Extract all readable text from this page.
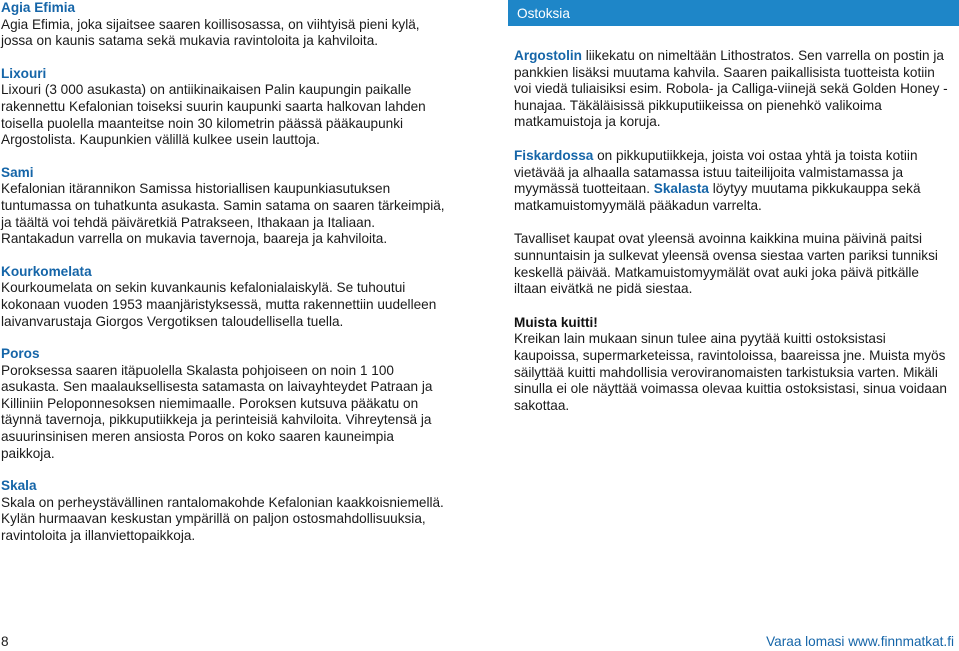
Agia Efimia
Agia Efimia, joka sijaitsee saaren koillisosassa, on viihtyisä pieni kylä, jossa on kaunis satama sekä mukavia ravintoloita ja kahviloita.
Lixouri
Lixouri (3 000 asukasta) on antiikinaikaisen Palin kaupungin paikalle rakennettu Kefalonian toiseksi suurin kaupunki saarta halkovan lahden toisella puolella maanteitse noin 30 kilometrin päässä pääkaupunki Argostolista. Kaupunkien välillä kulkee usein lauttoja.
Sami
Kefalonian itärannikon Samissa historiallisen kaupunkiasutuksen tuntumassa on tuhatkunta asukasta. Samin satama on saaren tärkeimpiä, ja täältä voi tehdä päiväretkiä Patrakseen, Ithakaan ja Italiaan. Rantakadun varrella on mukavia tavernoja, baareja ja kahviloita.
Kourkomelata
Kourkoumelata on sekin kuvankaunis kefalonialaiskylä. Se tuhoutui kokonaan vuoden 1953 maanjäristyksessä, mutta rakennettiin uudelleen laivanvarustaja Giorgos Vergotiksen taloudellisella tuella.
Poros
Poroksessa saaren itäpuolella Skalasta pohjoiseen on noin 1 100 asukasta. Sen maalauksellisesta satamasta on laivayhteydet Patraan ja Killiniin Peloponnesoksen niemimaalle. Poroksen kutsuva pääkatu on täynnä tavernoja, pikkuputiikkeja ja perinteisiä kahviloita. Vihreytensä ja asuurinsinisen meren ansiosta Poros on koko saaren kauneimpia paikkoja.
Skala
Skala on perheystävällinen rantalomakohde Kefalonian kaakkoisniemellä. Kylän hurmaavan keskustan ympärillä on paljon ostosmahdollisuuksia, ravintoloita ja illanviettopaikkoja.
Ostoksia

Argostolin liikekatu on nimeltään Lithostratos. Sen varrella on postin ja pankkien lisäksi muutama kahvila. Saaren paikallisista tuotteista kotiin voi viedä tuliaisiksi esim. Robola- ja Calliga-viinejä sekä Golden Honey -hunajaa. Täkäläisissä pikkuputiikeissa on pienehkö valikoima matkamuistoja ja koruja.

Fiskardossa on pikkuputiikkeja, joista voi ostaa yhtä ja toista kotiin vietävää ja alhaalla satamassa istuu taiteilijoita valmistamassa ja myymässä tuotteitaan. Skalasta löytyy muutama pikkukauppa sekä matkamuistomyymälä pääkadun varrelta.

Tavalliset kaupat ovat yleensä avoinna kaikkina muina päivinä paitsi sunnuntaisin ja sulkevat yleensä ovensa siestaa varten pariksi tunniksi keskellä päivää. Matkamuistomyymälät ovat auki joka päivä pitkälle iltaan eivätkä ne pidä siestaa.

Muista kuitti!
Kreikan lain mukaan sinun tulee aina pyytää kuitti ostoksistasi kaupoissa, supermarketeissa, ravintoloissa, baareissa jne. Muista myös säilyttää kuitti mahdollisia veroviranomaisten tarkistuksia varten. Mikäli sinulla ei ole näyttää voimassa olevaa kuittia ostoksistasi, sinua voidaan sakottaa.

8	Varaa lomasi www.finnmatkat.fi
